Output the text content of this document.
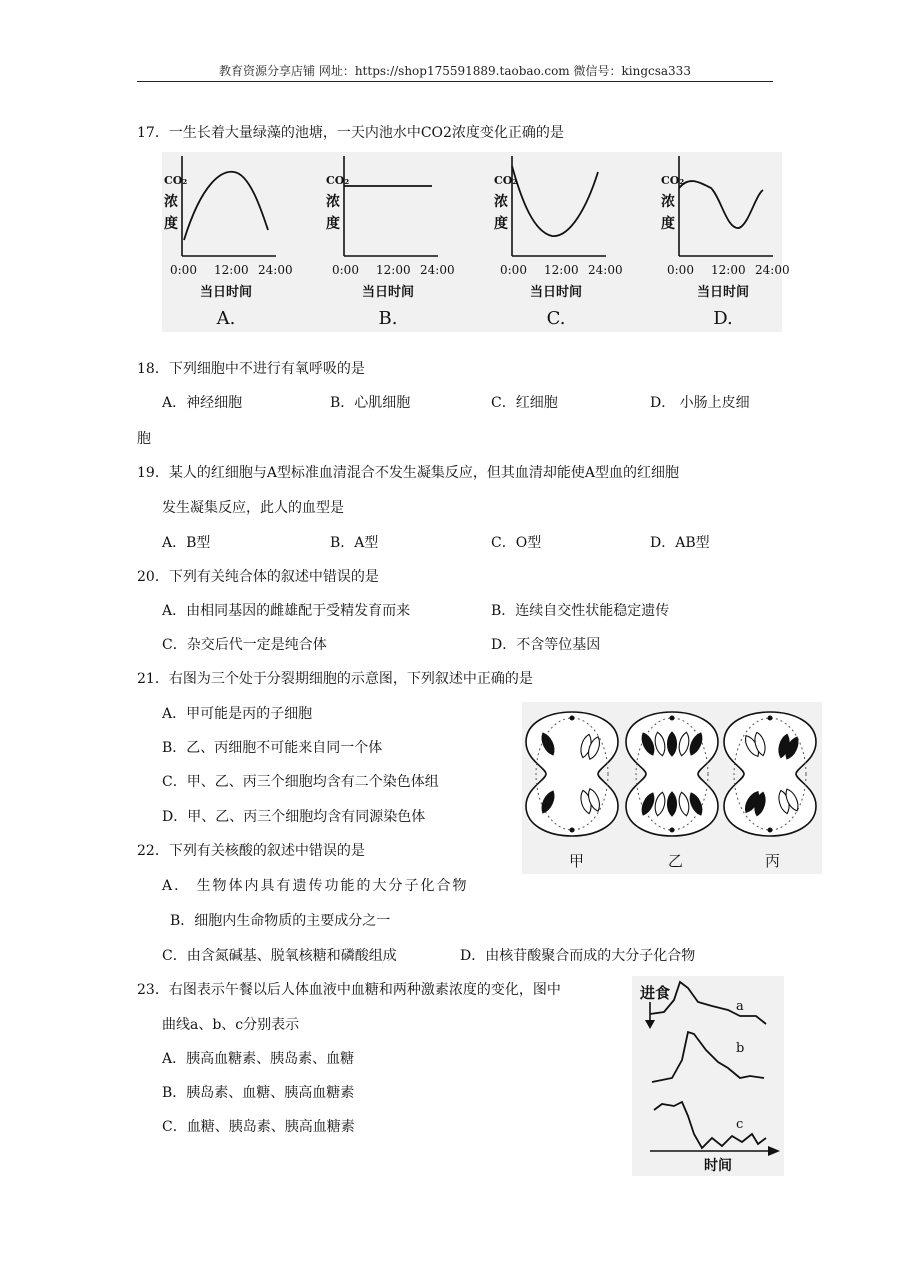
教育资源分享店铺 网址：https://shop175591889.taobao.com 微信号：kingcsa333
17．一生长着大量绿藻的池塘，一天内池水中CO2浓度变化正确的是
CO₂
浓
度
0:00 12:00 24:00
当日时间
A.
CO₂
浓
度
0:00 12:00 24:00
当日时间
B.
CO₂
浓
度
0:00 12:00 24:00
当日时间
C.
CO₂
浓
度
0:00 12:00 24:00
当日时间
D.
18．下列细胞中不进行有氧呼吸的是
A．神经细胞	B．心肌细胞	C．红细胞	D． 小肠上皮细
胞
19．某人的红细胞与A型标准血清混合不发生凝集反应，但其血清却能使A型血的红细胞
发生凝集反应，此人的血型是
A．B型	B．A型	C．O型	D．AB型
20．下列有关纯合体的叙述中错误的是
A．由相同基因的雌雄配于受精发育而来	B．连续自交性状能稳定遗传
C．杂交后代一定是纯合体	D．不含等位基因
21．右图为三个处于分裂期细胞的示意图，下列叙述中正确的是
A．甲可能是丙的子细胞
B．乙、丙细胞不可能来自同一个体
C．甲、乙、丙三个细胞均含有二个染色体组
D．甲、乙、丙三个细胞均含有同源染色体
甲	乙	丙
22．下列有关核酸的叙述中错误的是
A． 生物体内具有遗传功能的大分子化合物
B．细胞内生命物质的主要成分之一
C．由含氮碱基、脱氧核糖和磷酸组成	D．由核苷酸聚合而成的大分子化合物
23．右图表示午餐以后人体血液中血糖和两种激素浓度的变化，图中
曲线a、b、c分别表示
A．胰高血糖素、胰岛素、血糖
B．胰岛素、血糖、胰高血糖素
C．血糖、胰岛素、胰高血糖素
进食
a
b
c
时间
